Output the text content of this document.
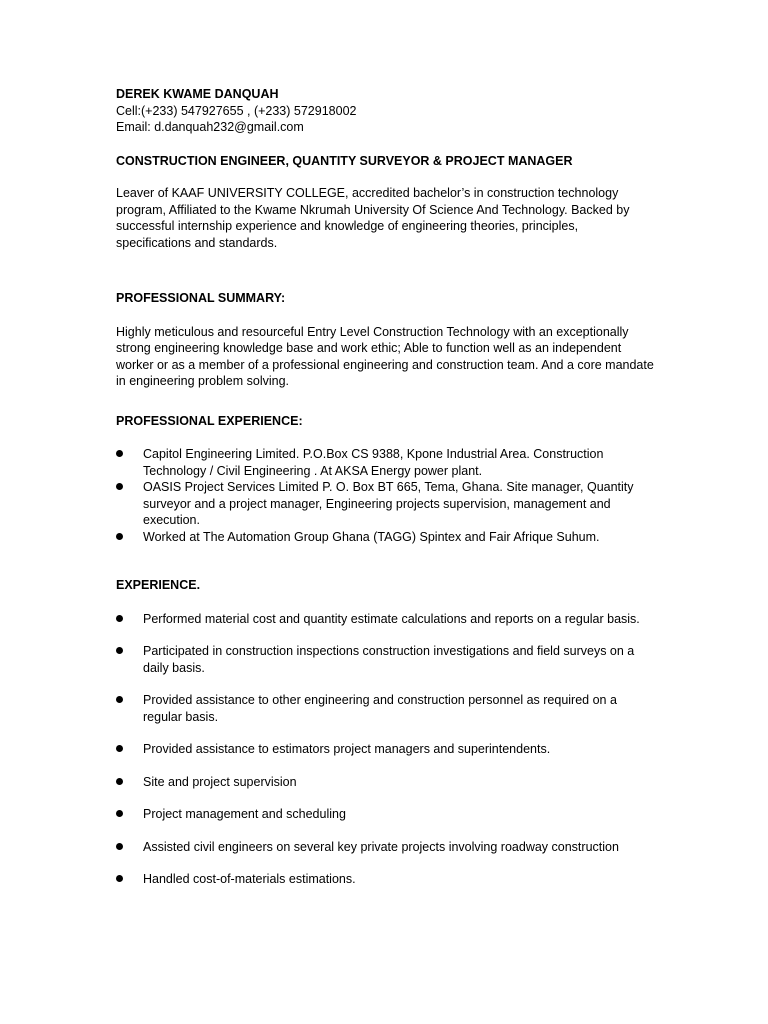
DEREK KWAME DANQUAH

Cell:(+233) 547927655 , (+233) 572918002

Email: d.danquah232@gmail.com

CONSTRUCTION ENGINEER, QUANTITY SURVEYOR & PROJECT MANAGER

Leaver of KAAF UNIVERSITY COLLEGE, accredited bachelor’s in construction technology program, Affiliated to the Kwame Nkrumah University Of Science And Technology. Backed by successful internship experience and knowledge of engineering theories, principles, specifications and standards.

PROFESSIONAL SUMMARY:

Highly meticulous and resourceful Entry Level Construction Technology with an exceptionally strong engineering knowledge base and work ethic; Able to function well as an independent worker or as a member of a professional engineering and construction team. And a core mandate in engineering problem solving.

PROFESSIONAL EXPERIENCE:

Capitol Engineering Limited. P.O.Box CS 9388, Kpone Industrial Area. Construction Technology / Civil Engineering . At AKSA Energy power plant.
OASIS Project Services Limited P. O. Box BT 665, Tema, Ghana. Site manager, Quantity surveyor and a project manager, Engineering projects supervision, management and execution.
Worked at The Automation Group Ghana (TAGG) Spintex and Fair Afrique Suhum.

EXPERIENCE.

Performed material cost and quantity estimate calculations and reports on a regular basis.
Participated in construction inspections construction investigations and field surveys on a daily basis.
Provided assistance to other engineering and construction personnel as required on a regular basis.
Provided assistance to estimators project managers and superintendents.
Site and project supervision
Project management and scheduling
Assisted civil engineers on several key private projects involving roadway construction
Handled cost-of-materials estimations.
